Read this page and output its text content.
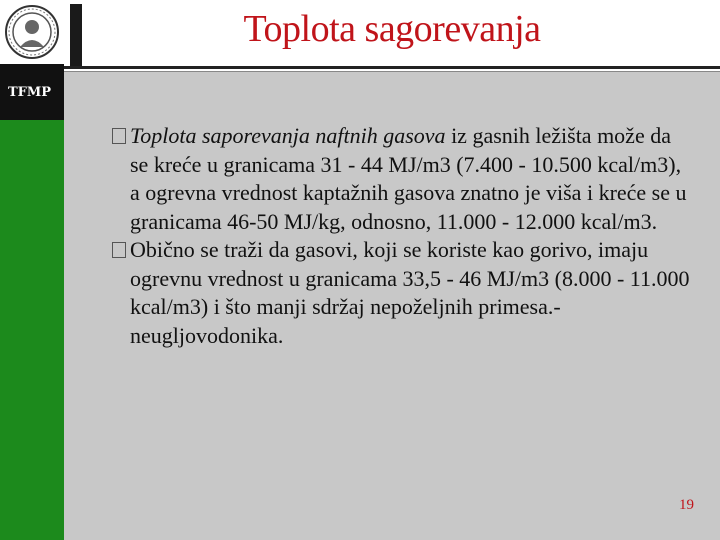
TFMP
Toplota sagorevanja

Toplota saporevanja naftnih gasova iz gasnih ležišta može da se kreće u granicama 31 - 44 MJ/m3 (7.400 - 10.500 kcal/m3), a ogrevna vrednost kaptažnih gasova znatno je viša i kreće se u granicama 46-50 MJ/kg, odnosno, 11.000 - 12.000 kcal/m3.

Obično se traži da gasovi, koji se koriste kao gorivo, imaju ogrevnu vrednost u granicama 33,5 - 46 MJ/m3 (8.000 - 11.000 kcal/m3) i što manji sdržaj nepoželjnih primesa.- neugljovodonika.

19
